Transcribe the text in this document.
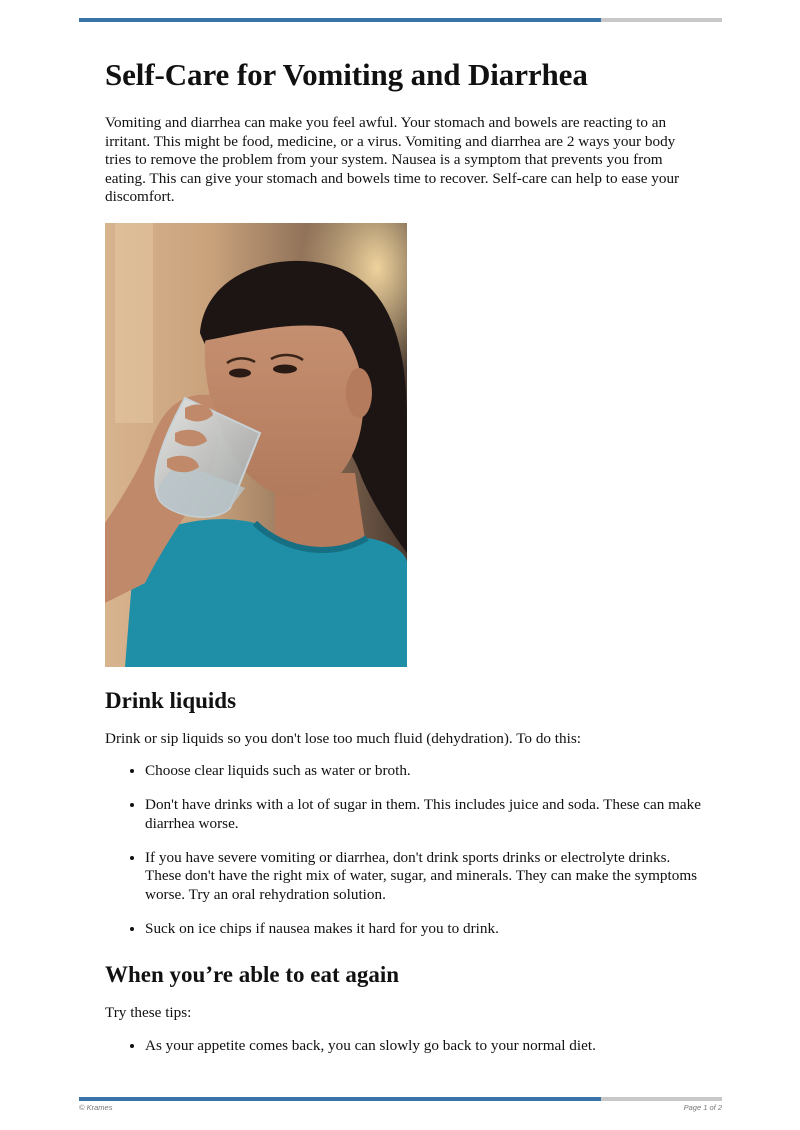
Self-Care for Vomiting and Diarrhea

Vomiting and diarrhea can make you feel awful. Your stomach and bowels are reacting to an irritant. This might be food, medicine, or a virus. Vomiting and diarrhea are 2 ways your body tries to remove the problem from your system. Nausea is a symptom that prevents you from eating. This can give your stomach and bowels time to recover. Self-care can help to ease your discomfort.

Drink liquids

Drink or sip liquids so you don't lose too much fluid (dehydration). To do this:

• Choose clear liquids such as water or broth.
• Don't have drinks with a lot of sugar in them. This includes juice and soda. These can make diarrhea worse.
• If you have severe vomiting or diarrhea, don't drink sports drinks or electrolyte drinks. These don't have the right mix of water, sugar, and minerals. They can make the symptoms worse. Try an oral rehydration solution.
• Suck on ice chips if nausea makes it hard for you to drink.
When you’re able to eat again

Try these tips:

• As your appetite comes back, you can slowly go back to your normal diet.
© Krames	Page 1 of 2
